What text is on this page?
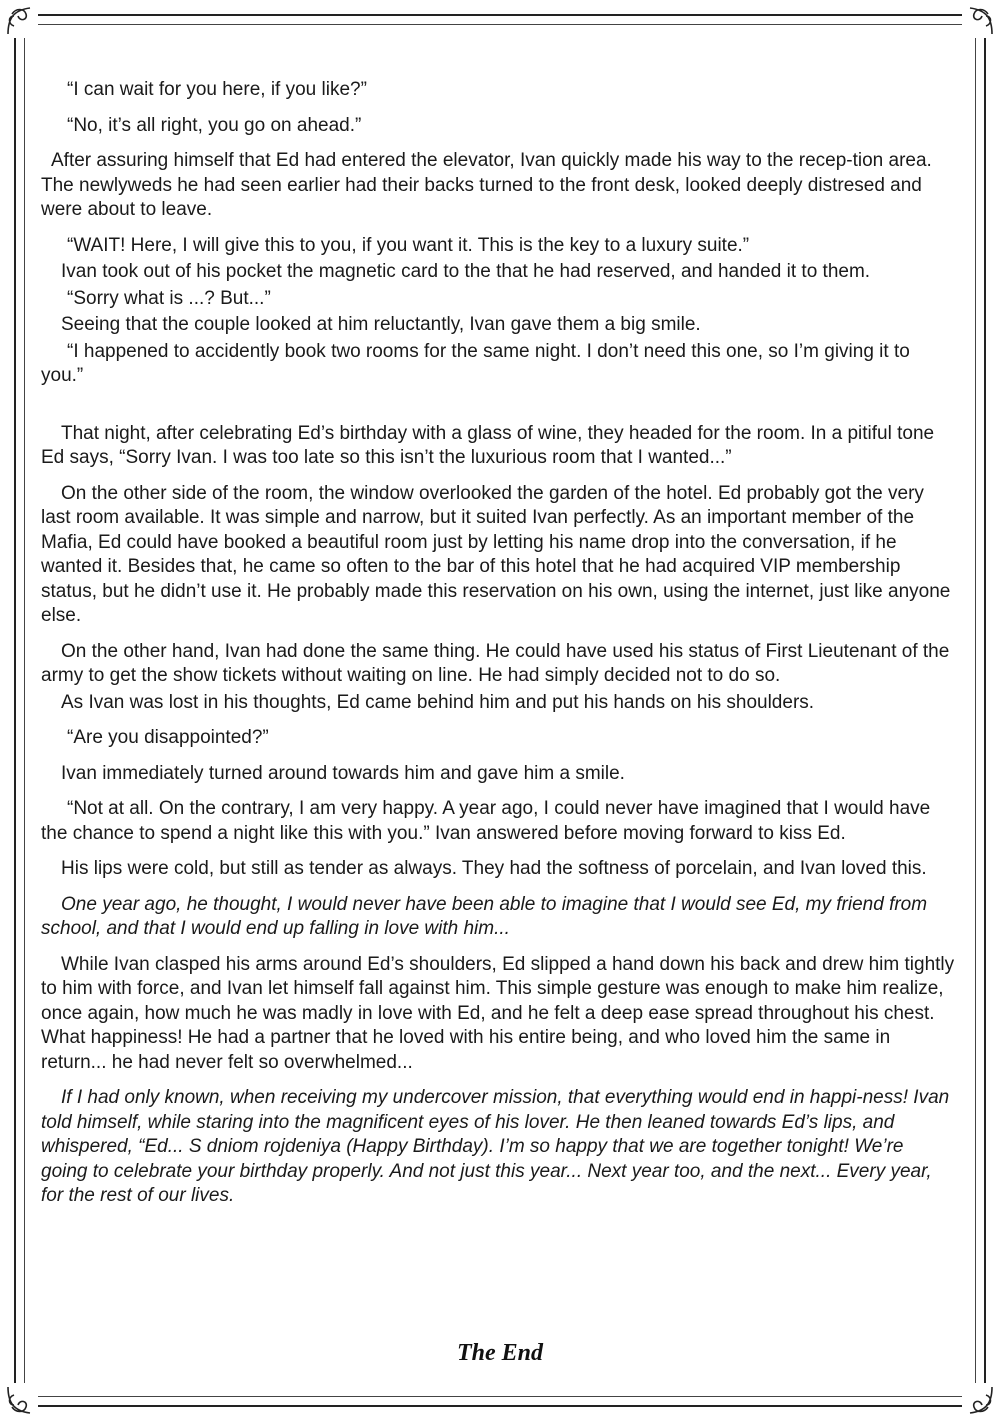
“I can wait for you here, if you like?”

“No, it’s all right, you go on ahead.”

After assuring himself that Ed had entered the elevator, Ivan quickly made his way to the recep-tion area. The newlyweds he had seen earlier had their backs turned to the front desk, looked deeply distresed and were about to leave.

“WAIT! Here, I will give this to you, if you want it. This is the key to a luxury suite.”

Ivan took out of his pocket the magnetic card to the that he had reserved, and handed it to them.

“Sorry what is ...? But...”

Seeing that the couple looked at him reluctantly, Ivan gave them a big smile.

“I happened to accidently book two rooms for the same night. I don’t need this one, so I’m giving it to you.”

That night, after celebrating Ed’s birthday with a glass of wine, they headed for the room. In a pitiful tone Ed says, “Sorry Ivan. I was too late so this isn’t the luxurious room that I wanted...”

On the other side of the room, the window overlooked the garden of the hotel. Ed probably got the very last room available. It was simple and narrow, but it suited Ivan perfectly. As an important member of the Mafia, Ed could have booked a beautiful room just by letting his name drop into the conversation, if he wanted it. Besides that, he came so often to the bar of this hotel that he had acquired VIP membership status, but he didn’t use it. He probably made this reservation on his own, using the internet, just like anyone else.

On the other hand, Ivan had done the same thing. He could have used his status of First Lieutenant of the army to get the show tickets without waiting on line. He had simply decided not to do so.

As Ivan was lost in his thoughts, Ed came behind him and put his hands on his shoulders.

“Are you disappointed?”

Ivan immediately turned around towards him and gave him a smile.

“Not at all. On the contrary, I am very happy. A year ago, I could never have imagined that I would have the chance to spend a night like this with you.” Ivan answered before moving forward to kiss Ed.

His lips were cold, but still as tender as always. They had the softness of porcelain, and Ivan loved this.

One year ago, he thought, I would never have been able to imagine that I would see Ed, my friend from school, and that I would end up falling in love with him...

While Ivan clasped his arms around Ed’s shoulders, Ed slipped a hand down his back and drew him tightly to him with force, and Ivan let himself fall against him. This simple gesture was enough to make him realize, once again, how much he was madly in love with Ed, and he felt a deep ease spread throughout his chest. What happiness! He had a partner that he loved with his entire being, and who loved him the same in return... he had never felt so overwhelmed...

If I had only known, when receiving my undercover mission, that everything would end in happi-ness! Ivan told himself, while staring into the magnificent eyes of his lover. He then leaned towards Ed’s lips, and whispered, “Ed... S dniom rojdeniya (Happy Birthday). I’m so happy that we are together tonight! We’re going to celebrate your birthday properly. And not just this year... Next year too, and the next... Every year, for the rest of our lives.

The End
